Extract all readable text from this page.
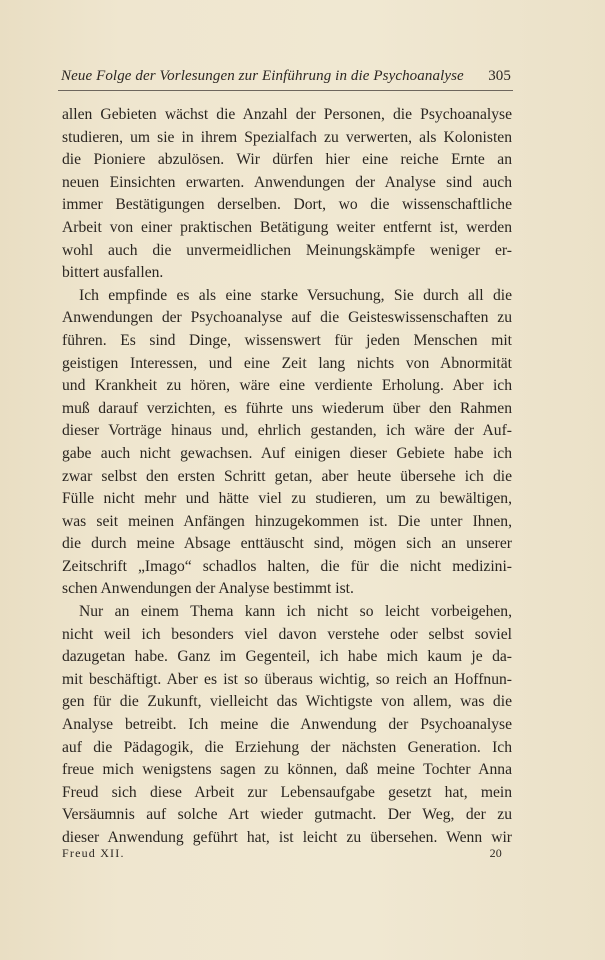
Neue Folge der Vorlesungen zur Einführung in die Psychoanalyse 305
allen Gebieten wächst die Anzahl der Personen, die Psychoanalyse
studieren, um sie in ihrem Spezialfach zu verwerten, als Kolonisten
die Pioniere abzulösen. Wir dürfen hier eine reiche Ernte an
neuen Einsichten erwarten. Anwendungen der Analyse sind auch
immer Bestätigungen derselben. Dort, wo die wissenschaftliche
Arbeit von einer praktischen Betätigung weiter entfernt ist, werden
wohl auch die unvermeidlichen Meinungskämpfe weniger er-
bittert ausfallen.
Ich empfinde es als eine starke Versuchung, Sie durch all die
Anwendungen der Psychoanalyse auf die Geisteswissenschaften zu
führen. Es sind Dinge, wissenswert für jeden Menschen mit
geistigen Interessen, und eine Zeit lang nichts von Abnormität
und Krankheit zu hören, wäre eine verdiente Erholung. Aber ich
muß darauf verzichten, es führte uns wiederum über den Rahmen
dieser Vorträge hinaus und, ehrlich gestanden, ich wäre der Auf-
gabe auch nicht gewachsen. Auf einigen dieser Gebiete habe ich
zwar selbst den ersten Schritt getan, aber heute übersehe ich die
Fülle nicht mehr und hätte viel zu studieren, um zu bewältigen,
was seit meinen Anfängen hinzugekommen ist. Die unter Ihnen,
die durch meine Absage enttäuscht sind, mögen sich an unserer
Zeitschrift „Imago“ schadlos halten, die für die nicht medizini-
schen Anwendungen der Analyse bestimmt ist.
Nur an einem Thema kann ich nicht so leicht vorbeigehen,
nicht weil ich besonders viel davon verstehe oder selbst soviel
dazugetan habe. Ganz im Gegenteil, ich habe mich kaum je da-
mit beschäftigt. Aber es ist so überaus wichtig, so reich an Hoffnun-
gen für die Zukunft, vielleicht das Wichtigste von allem, was die
Analyse betreibt. Ich meine die Anwendung der Psychoanalyse
auf die Pädagogik, die Erziehung der nächsten Generation. Ich
freue mich wenigstens sagen zu können, daß meine Tochter Anna
Freud sich diese Arbeit zur Lebensaufgabe gesetzt hat, mein
Versäumnis auf solche Art wieder gutmacht. Der Weg, der zu
dieser Anwendung geführt hat, ist leicht zu übersehen. Wenn wir
Freud XII.	20
